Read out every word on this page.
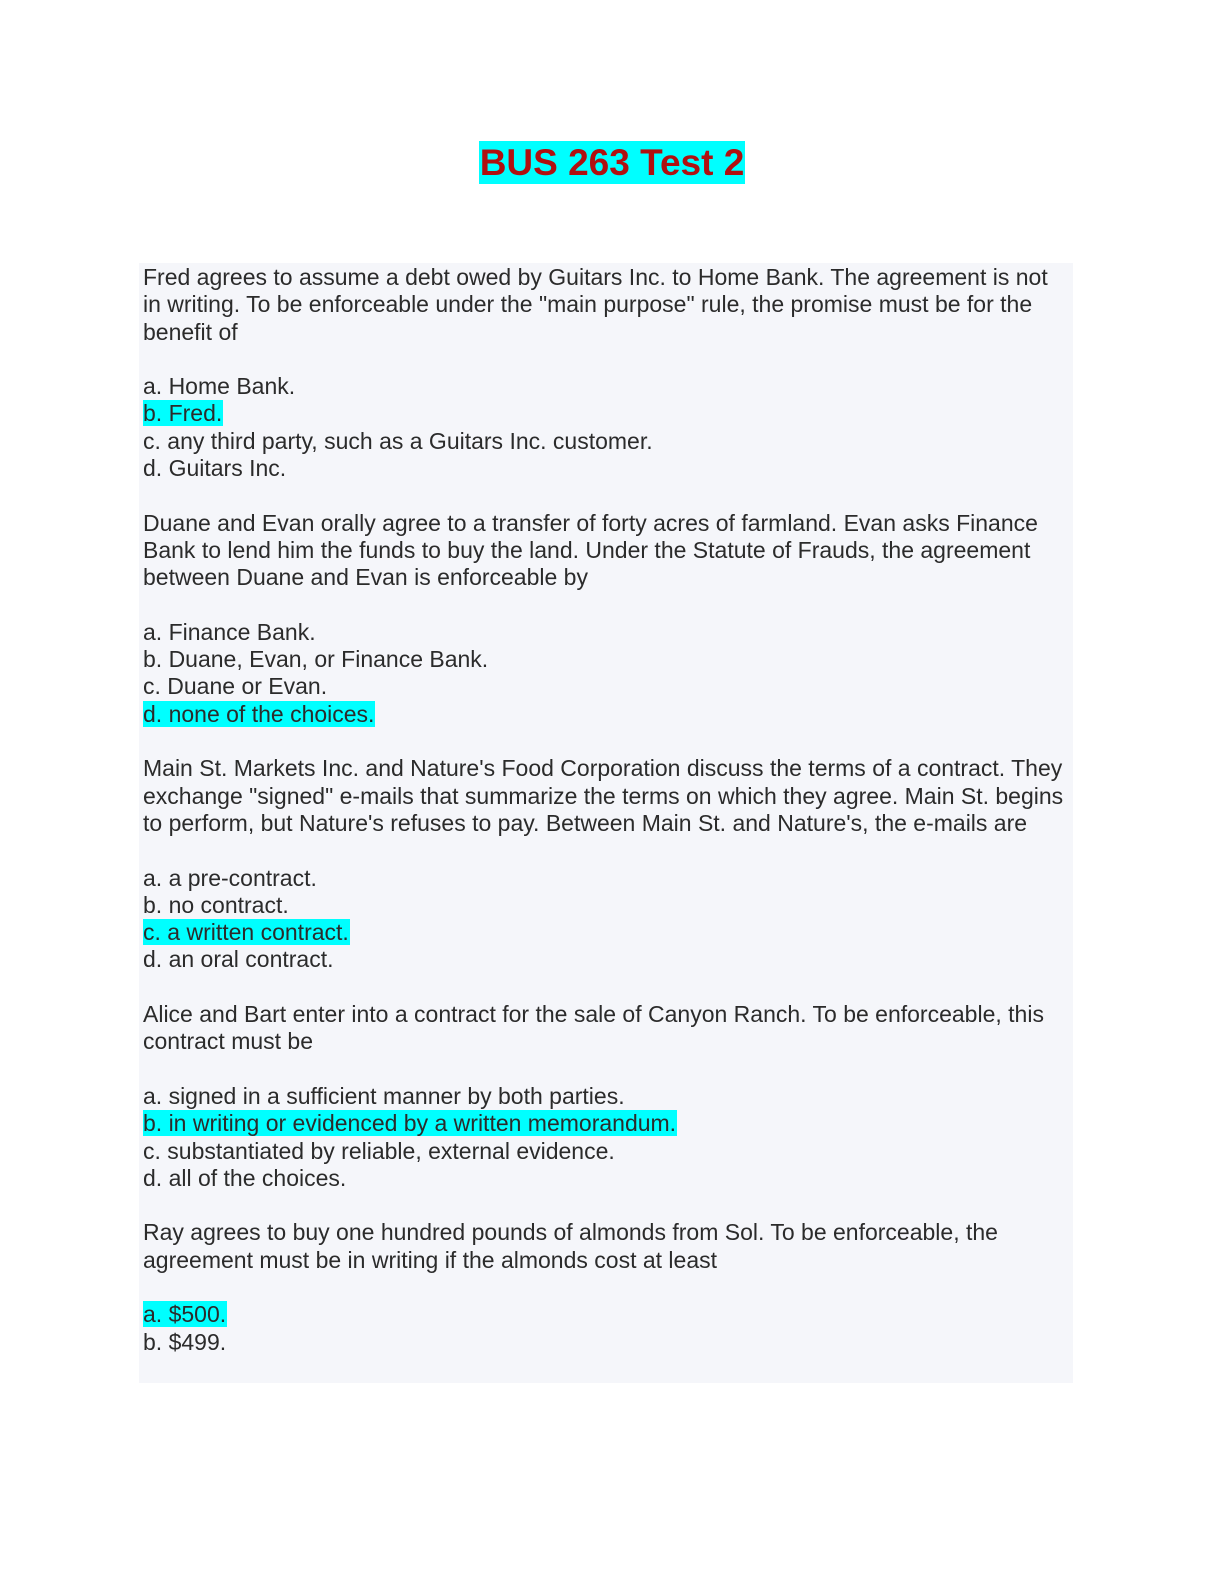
BUS 263 Test 2

Fred agrees to assume a debt owed by Guitars Inc. to Home Bank. The agreement is not in writing. To be enforceable under the "main purpose" rule, the promise must be for the benefit of

a. Home Bank.
b. Fred.
c. any third party, such as a Guitars Inc. customer.
d. Guitars Inc.

Duane and Evan orally agree to a transfer of forty acres of farmland. Evan asks Finance Bank to lend him the funds to buy the land. Under the Statute of Frauds, the agreement between Duane and Evan is enforceable by

a. Finance Bank.
b. Duane, Evan, or Finance Bank.
c. Duane or Evan.
d. none of the choices.

Main St. Markets Inc. and Nature's Food Corporation discuss the terms of a contract. They exchange "signed" e-mails that summarize the terms on which they agree. Main St. begins to perform, but Nature's refuses to pay. Between Main St. and Nature's, the e-mails are

a. a pre-contract.
b. no contract.
c. a written contract.
d. an oral contract.

Alice and Bart enter into a contract for the sale of Canyon Ranch. To be enforceable, this contract must be

a. signed in a sufficient manner by both parties.
b. in writing or evidenced by a written memorandum.
c. substantiated by reliable, external evidence.
d. all of the choices.

Ray agrees to buy one hundred pounds of almonds from Sol. To be enforceable, the agreement must be in writing if the almonds cost at least

a. $500.
b. $499.
